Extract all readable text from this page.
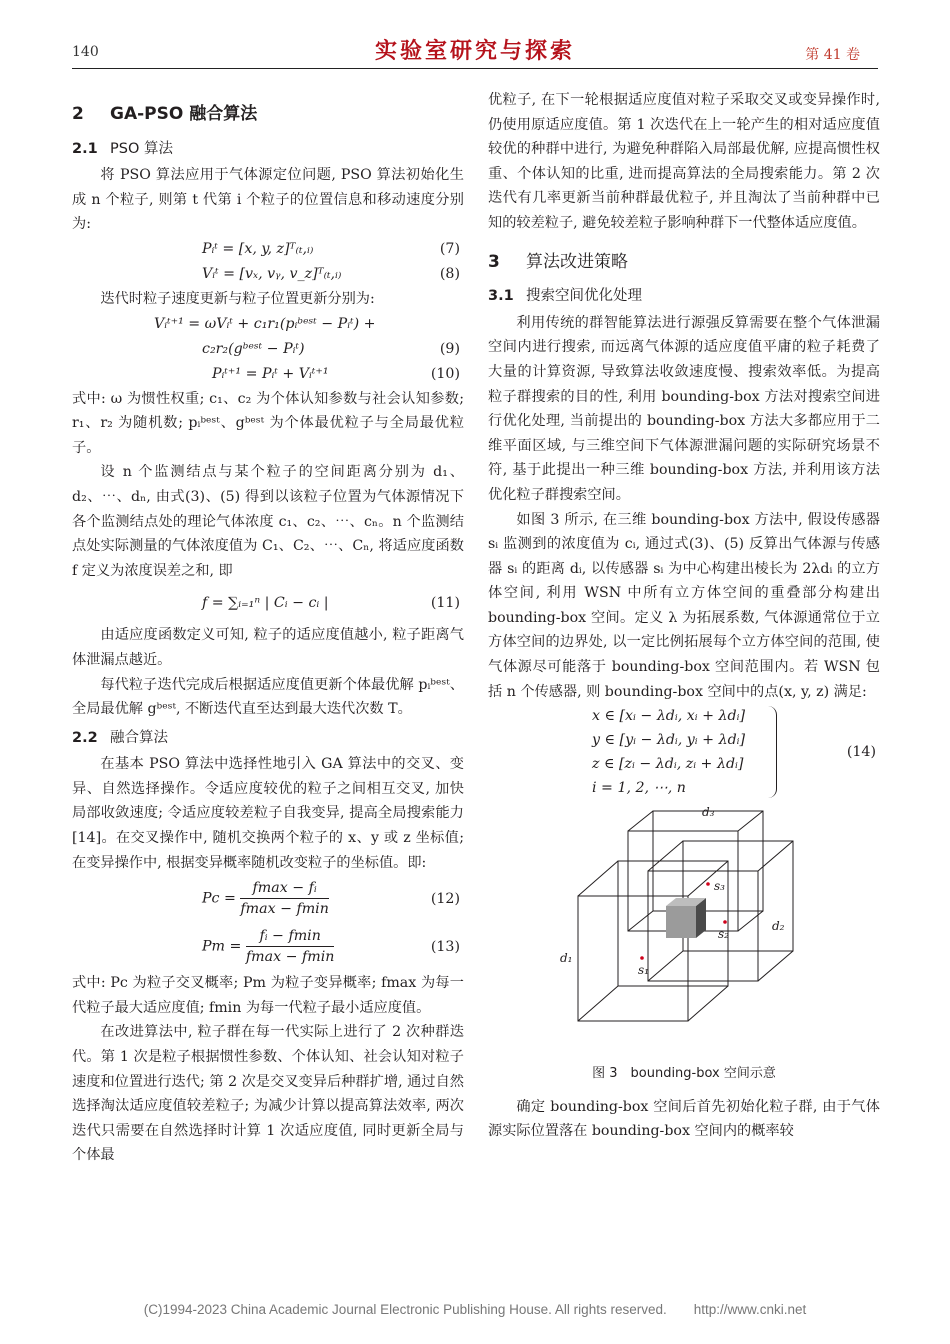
140	实验室研究与探索	第 41 卷
2 GA-PSO 融合算法
2.1 PSO 算法

将 PSO 算法应用于气体源定位问题, PSO 算法初始化生成 n 个粒子, 则第 t 代第 i 个粒子的位置信息和移动速度分别为:

Pᵢᵗ = [x, y, z]ᵀ₍ₜ,ᵢ₎	(7)
Vᵢᵗ = [vₓ, vᵧ, v_z]ᵀ₍ₜ,ᵢ₎	(8)

迭代时粒子速度更新与粒子位置更新分别为:

Vᵢᵗ⁺¹ = ωVᵢᵗ + c₁r₁(pᵢᵇᵉˢᵗ − Pᵢᵗ) +
c₂r₂(gᵇᵉˢᵗ − Pᵢᵗ)	(9)
Pᵢᵗ⁺¹ = Pᵢᵗ + Vᵢᵗ⁺¹	(10)

式中: ω 为惯性权重; c₁、c₂ 为个体认知参数与社会认知参数; r₁、r₂ 为随机数; pᵢᵇᵉˢᵗ、gᵇᵉˢᵗ 为个体最优粒子与全局最优粒子。

设 n 个监测结点与某个粒子的空间距离分别为 d₁、d₂、⋯、dₙ, 由式(3)、(5) 得到以该粒子位置为气体源情况下各个监测结点处的理论气体浓度 c₁、c₂、⋯、cₙ。n 个监测结点处实际测量的气体浓度值为 C₁、C₂、⋯、Cₙ, 将适应度函数 f 定义为浓度误差之和, 即

f = ∑ᵢ₌₁ⁿ | Cᵢ − cᵢ |	(11)

由适应度函数定义可知, 粒子的适应度值越小, 粒子距离气体泄漏点越近。

每代粒子迭代完成后根据适应度值更新个体最优解 pᵢᵇᵉˢᵗ、全局最优解 gᵇᵉˢᵗ, 不断迭代直至达到最大迭代次数 T。

2.2 融合算法

在基本 PSO 算法中选择性地引入 GA 算法中的交叉、变异、自然选择操作。令适应度较优的粒子之间相互交叉, 加快局部收敛速度; 令适应度较差粒子自我变异, 提高全局搜索能力[14]。在交叉操作中, 随机交换两个粒子的 x、y 或 z 坐标值; 在变异操作中, 根据变异概率随机改变粒子的坐标值。即:

$Pc = \frac{\text{fmax − fᵢ}}{fmax - fmin}$	(12)
$Pm = \frac{\text{fᵢ − fmin}}{fmax - fmin}$	(13)

式中: Pc 为粒子交叉概率; Pm 为粒子变异概率; fmax 为每一代粒子最大适应度值; fmin 为每一代粒子最小适应度值。

在改进算法中, 粒子群在每一代实际上进行了 2 次种群迭代。第 1 次是粒子根据惯性参数、个体认知、社会认知对粒子速度和位置进行迭代; 第 2 次是交叉变异后种群扩增, 通过自然选择淘汰适应度值较差粒子; 为减少计算以提高算法效率, 两次迭代只需要在自然选择时计算 1 次适应度值, 同时更新全局与个体最

优粒子, 在下一轮根据适应度值对粒子采取交叉或变异操作时, 仍使用原适应度值。第 1 次迭代在上一轮产生的相对适应度值较优的种群中进行, 为避免种群陷入局部最优解, 应提高惯性权重、个体认知的比重, 进而提高算法的全局搜索能力。第 2 次迭代有几率更新当前种群最优粒子, 并且淘汰了当前种群中已知的较差粒子, 避免较差粒子影响种群下一代整体适应度值。

3 算法改进策略
3.1 搜索空间优化处理

利用传统的群智能算法进行源强反算需要在整个气体泄漏空间内进行搜索, 而远离气体源的适应度值平庸的粒子耗费了大量的计算资源, 导致算法收敛速度慢、搜索效率低。为提高粒子群搜索的目的性, 利用 bounding-box 方法对搜索空间进行优化处理, 当前提出的 bounding-box 方法大多都应用于二维平面区域, 与三维空间下气体源泄漏问题的实际研究场景不符, 基于此提出一种三维 bounding-box 方法, 并利用该方法优化粒子群搜索空间。

如图 3 所示, 在三维 bounding-box 方法中, 假设传感器 sᵢ 监测到的浓度值为 cᵢ, 通过式(3)、(5) 反算出气体源与传感器 sᵢ 的距离 dᵢ, 以传感器 sᵢ 为中心构建出棱长为 2λdᵢ 的立方体空间, 利用 WSN 中所有立方体空间的重叠部分构建出 bounding-box 空间。定义 λ 为拓展系数, 气体源通常位于立方体空间的边界处, 以一定比例拓展每个立方体空间的范围, 使气体源尽可能落于 bounding-box 空间范围内。若 WSN 包括 n 个传感器, 则 bounding-box 空间中的点(x, y, z) 满足:

x ∈ [xᵢ − λdᵢ, xᵢ + λdᵢ]
y ∈ [yᵢ − λdᵢ, yᵢ + λdᵢ]
z ∈ [zᵢ − λdᵢ, zᵢ + λdᵢ]
i = 1, 2, ⋯, n
(14)
s₃
s₂
s₁
d₁
d₂
d₃
图 3　bounding-box 空间示意

确定 bounding-box 空间后首先初始化粒子群, 由于气体源实际位置落在 bounding-box 空间内的概率较

(C)1994-2023 China Academic Journal Electronic Publishing House. All rights reserved.　　http://www.cnki.net
